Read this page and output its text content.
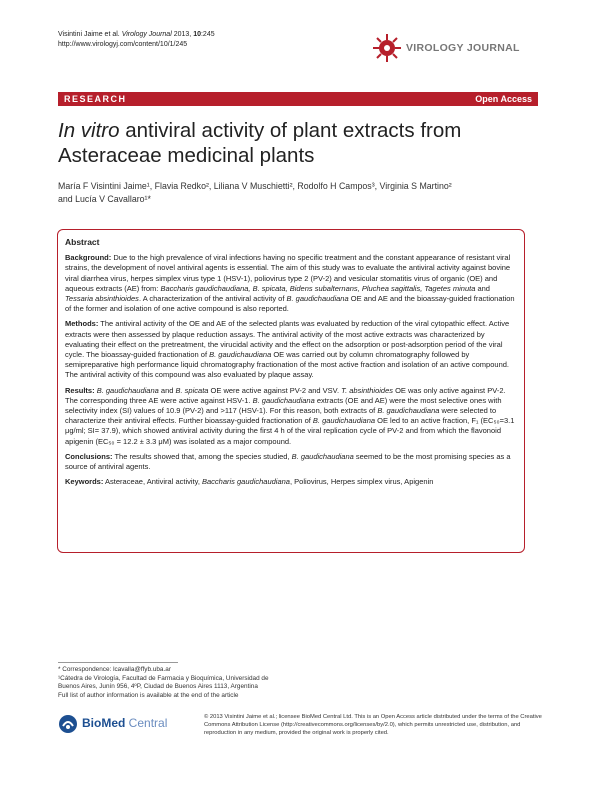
Visintini Jaime et al. Virology Journal 2013, 10:245
http://www.virologyj.com/content/10/1/245	VIROLOGY JOURNAL
RESEARCH	Open Access
In vitro antiviral activity of plant extracts from Asteraceae medicinal plants
María F Visintini Jaime¹, Flavia Redko², Liliana V Muschietti², Rodolfo H Campos³, Virginia S Martino²
and Lucía V Cavallaro¹*
Abstract

Background: Due to the high prevalence of viral infections having no specific treatment and the constant appearance of resistant viral strains, the development of novel antiviral agents is essential. The aim of this study was to evaluate the antiviral activity against bovine viral diarrhea virus, herpes simplex virus type 1 (HSV-1), poliovirus type 2 (PV-2) and vesicular stomatitis virus of organic (OE) and aqueous extracts (AE) from: Baccharis gaudichaudiana, B. spicata, Bidens subalternans, Pluchea sagittalis, Tagetes minuta and Tessaria absinthioides. A characterization of the antiviral activity of B. gaudichaudiana OE and AE and the bioassay-guided fractionation of the former and isolation of one active compound is also reported.

Methods: The antiviral activity of the OE and AE of the selected plants was evaluated by reduction of the viral cytopathic effect. Active extracts were then assessed by plaque reduction assays. The antiviral activity of the most active extracts was characterized by evaluating their effect on the pretreatment, the virucidal activity and the effect on the adsorption or post-adsorption period of the viral cycle. The bioassay-guided fractionation of B. gaudichaudiana OE was carried out by column chromatography followed by semipreparative high performance liquid chromatography fractionation of the most active fraction and isolation of an active compound. The antiviral activity of this compound was also evaluated by plaque assay.

Results: B. gaudichaudiana and B. spicata OE were active against PV-2 and VSV. T. absinthioides OE was only active against PV-2. The corresponding three AE were active against HSV-1. B. gaudichaudiana extracts (OE and AE) were the most selective ones with selectivity index (SI) values of 10.9 (PV-2) and >117 (HSV-1). For this reason, both extracts of B. gaudichaudiana were selected to characterize their antiviral effects. Further bioassay-guided fractionation of B. gaudichaudiana OE led to an active fraction, F₁ (EC₅₀=3.1 μg/ml; SI= 37.9), which showed antiviral activity during the first 4 h of the viral replication cycle of PV-2 and from which the flavonoid apigenin (EC₅₀ = 12.2 ± 3.3 μM) was isolated as a major compound.

Conclusions: The results showed that, among the species studied, B. gaudichaudiana seemed to be the most promising species as a source of antiviral agents.

Keywords: Asteraceae, Antiviral activity, Baccharis gaudichaudiana, Poliovirus, Herpes simplex virus, Apigenin

* Correspondence: lcavalla@ffyb.uba.ar
¹Cátedra de Virología, Facultad de Farmacia y Bioquímica, Universidad de Buenos Aires, Junín 956, 4ºP, Ciudad de Buenos Aires 1113, Argentina
Full list of author information is available at the end of the article
BioMed Central	© 2013 Visintini Jaime et al.; licensee BioMed Central Ltd. This is an Open Access article distributed under the terms of the Creative Commons Attribution License (http://creativecommons.org/licenses/by/2.0), which permits unrestricted use, distribution, and reproduction in any medium, provided the original work is properly cited.
